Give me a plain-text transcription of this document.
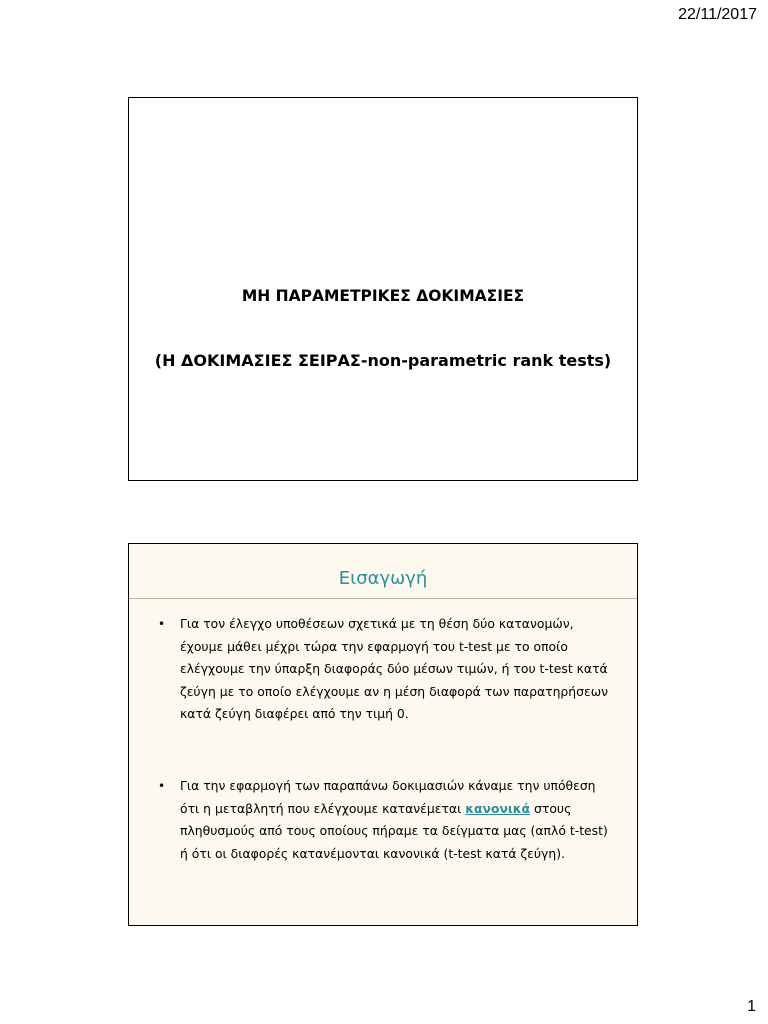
22/11/2017
ΜΗ ΠΑΡΑΜΕΤΡΙΚΕΣ ΔΟΚΙΜΑΣΙΕΣ
(Η ΔΟΚΙΜΑΣΙΕΣ ΣΕΙΡΑΣ-non-parametric rank tests)
Εισαγωγή
• Για τον έλεγχο υποθέσεων σχετικά με τη θέση δύο κατανομών, έχουμε μάθει μέχρι τώρα την εφαρμογή του t-test με το οποίο ελέγχουμε την ύπαρξη διαφοράς δύο μέσων τιμών, ή του t-test κατά ζεύγη με το οποίο ελέγχουμε αν η μέση διαφορά των παρατηρήσεων κατά ζεύγη διαφέρει από την τιμή 0.
• Για την εφαρμογή των παραπάνω δοκιμασιών κάναμε την υπόθεση ότι η μεταβλητή που ελέγχουμε κατανέμεται κανονικά στους πληθυσμούς από τους οποίους πήραμε τα δείγματα μας (απλό t-test) ή ότι οι διαφορές κατανέμονται κανονικά (t-test κατά ζεύγη).
1
